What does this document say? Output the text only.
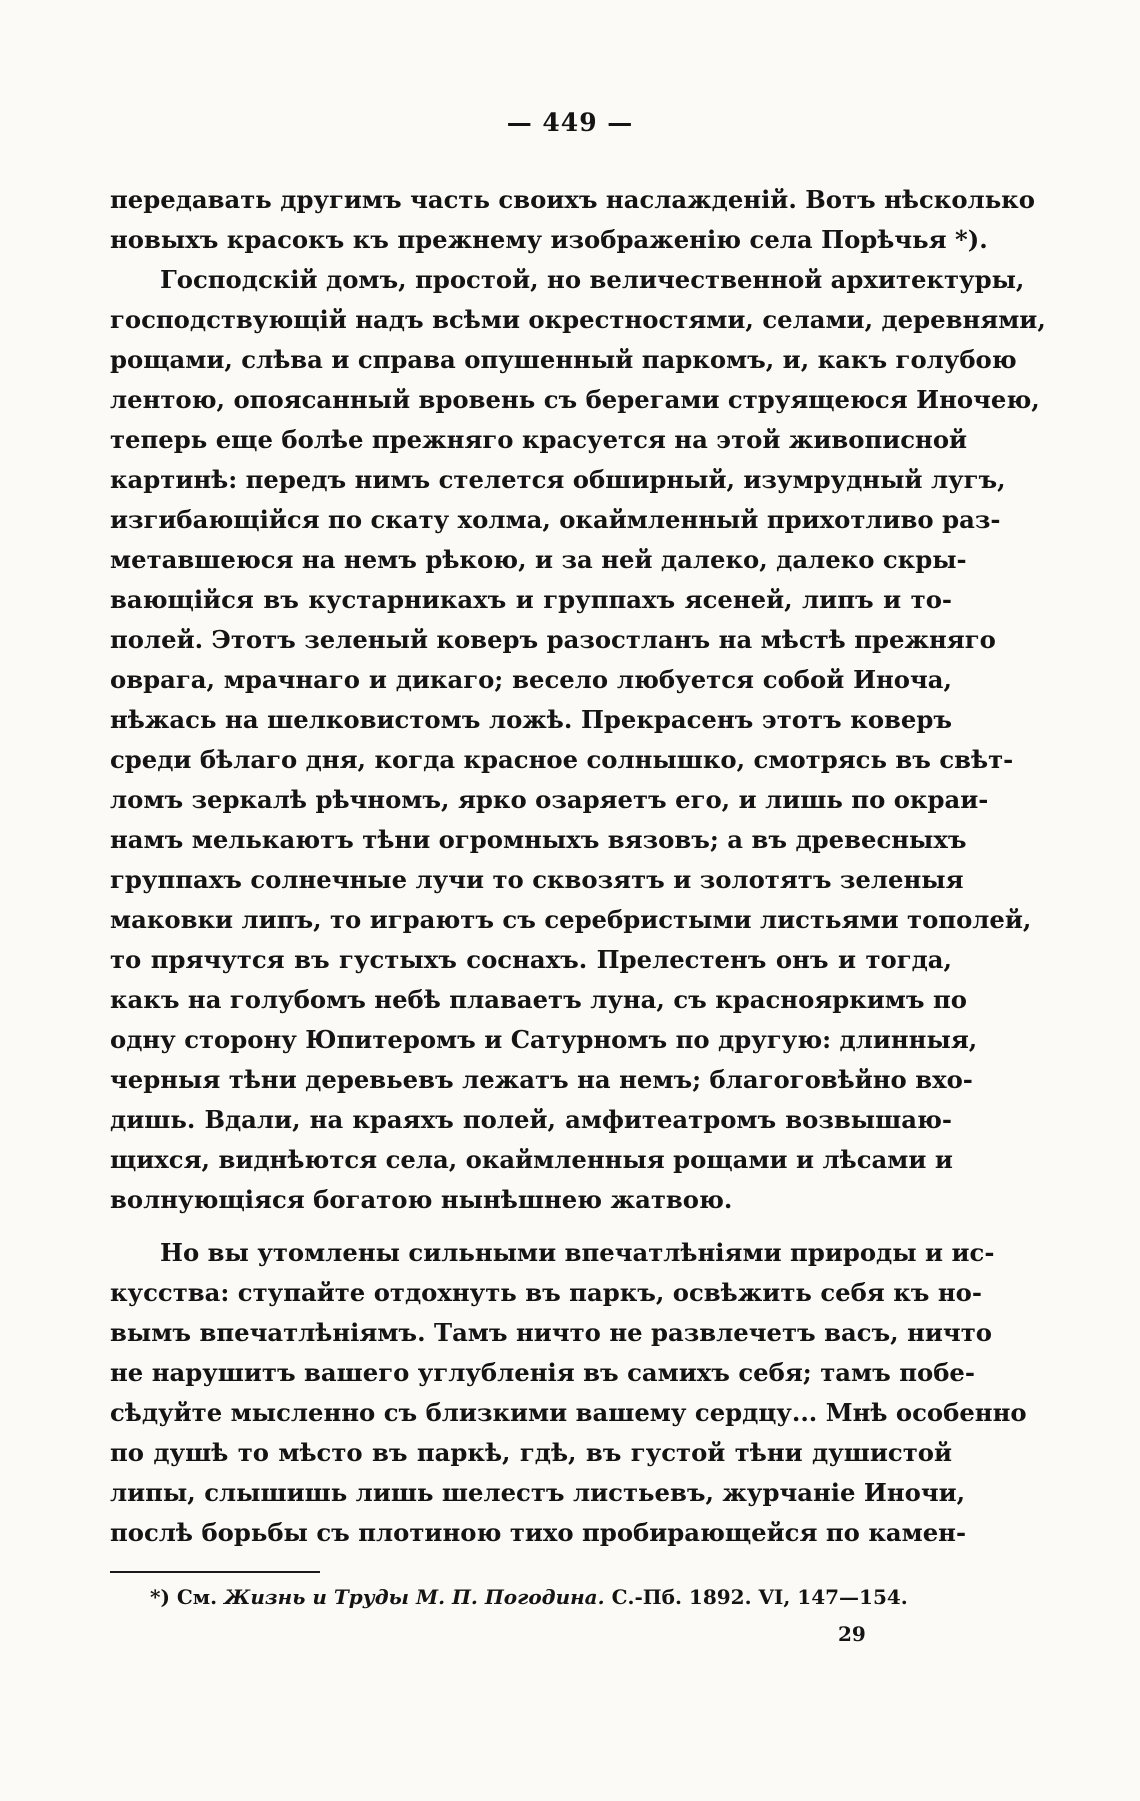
— 449 —
передавать другимъ часть своихъ наслажденій. Вотъ нѣсколько
новыхъ красокъ къ прежнему изображенію села Порѣчья *).
Господскій домъ, простой, но величественной архитектуры,
господствующій надъ всѣми окрестностями, селами, деревнями,
рощами, слѣва и справа опушенный паркомъ, и, какъ голубою
лентою, опоясанный вровень съ берегами струящеюся Иночею,
теперь еще болѣе прежняго красуется на этой живописной
картинѣ: передъ нимъ стелется обширный, изумрудный лугъ,
изгибающійся по скату холма, окаймленный прихотливо раз-
метавшеюся на немъ рѣкою, и за ней далеко, далеко скры-
вающійся въ кустарникахъ и группахъ ясеней, липъ и то-
полей. Этотъ зеленый коверъ разостланъ на мѣстѣ прежняго
оврага, мрачнаго и дикаго; весело любуется собой Иноча,
нѣжась на шелковистомъ ложѣ. Прекрасенъ этотъ коверъ
среди бѣлаго дня, когда красное солнышко, смотрясь въ свѣт-
ломъ зеркалѣ рѣчномъ, ярко озаряетъ его, и лишь по окраи-
намъ мелькаютъ тѣни огромныхъ вязовъ; а въ древесныхъ
группахъ солнечные лучи то сквозятъ и золотятъ зеленыя
маковки липъ, то играютъ съ серебристыми листьями тополей,
то прячутся въ густыхъ соснахъ. Прелестенъ онъ и тогда,
какъ на голубомъ небѣ плаваетъ луна, съ краснояркимъ по
одну сторону Юпитеромъ и Сатурномъ по другую: длинныя,
черныя тѣни деревьевъ лежатъ на немъ; благоговѣйно вхо-
дишь. Вдали, на краяхъ полей, амфитеатромъ возвышаю-
щихся, виднѣются села, окаймленныя рощами и лѣсами и
волнующіяся богатою нынѣшнею жатвою.
Но вы утомлены сильными впечатлѣніями природы и ис-
кусства: ступайте отдохнуть въ паркъ, освѣжить себя къ но-
вымъ впечатлѣніямъ. Тамъ ничто не развлечетъ васъ, ничто
не нарушитъ вашего углубленія въ самихъ себя; тамъ побе-
сѣдуйте мысленно съ близкими вашему сердцу... Мнѣ особенно
по душѣ то мѣсто въ паркѣ, гдѣ, въ густой тѣни душистой
липы, слышишь лишь шелестъ листьевъ, журчаніе Иночи,
послѣ борьбы съ плотиною тихо пробирающейся по камен-
*) См. Жизнь и Труды М. П. Погодина. С.-Пб. 1892. VI, 147—154.
29
